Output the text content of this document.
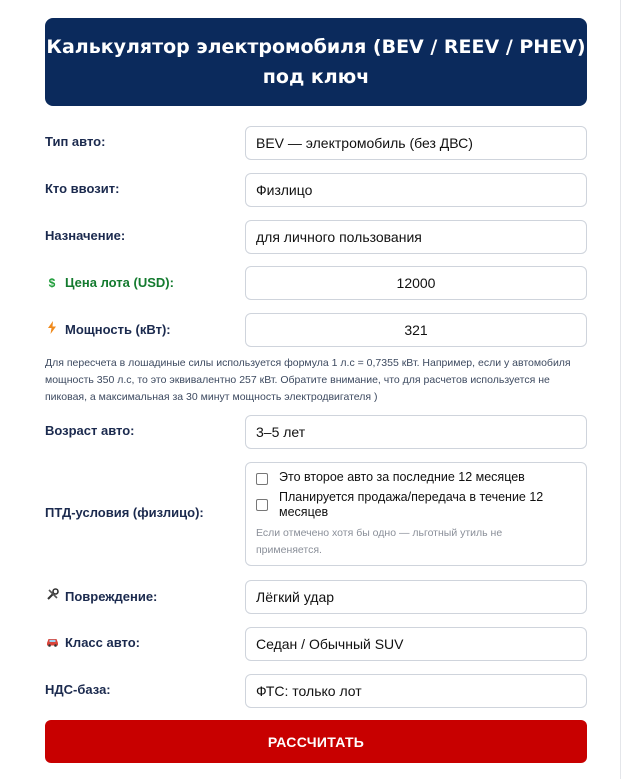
Калькулятор электромобиля (BEV / REEV / PHEV)
под ключ
Тип авто:	BEV — электромобиль (без ДВС)
Кто ввозит:	Физлицо
Назначение:	для личного пользования
$ Цена лота (USD):	12000
Мощность (кВт):	321
Для пересчета в лошадиные силы используется формула 1 л.с = 0,7355 кВт. Например, если у автомобиля мощность 350 л.с, то это эквивалентно 257 кВт. Обратите внимание, что для расчетов используется не пиковая, а максимальная за 30 минут мощность электродвигателя )
Возраст авто:	3–5 лет
ПТД-условия (физлицо):
Это второе авто за последние 12 месяцев
Планируется продажа/передача в течение 12 месяцев
Если отмечено хотя бы одно — льготный утиль не применяется.
Повреждение:	Лёгкий удар
Класс авто:	Седан / Обычный SUV
НДС-база:	ФТС: только лот
РАССЧИТАТЬ
